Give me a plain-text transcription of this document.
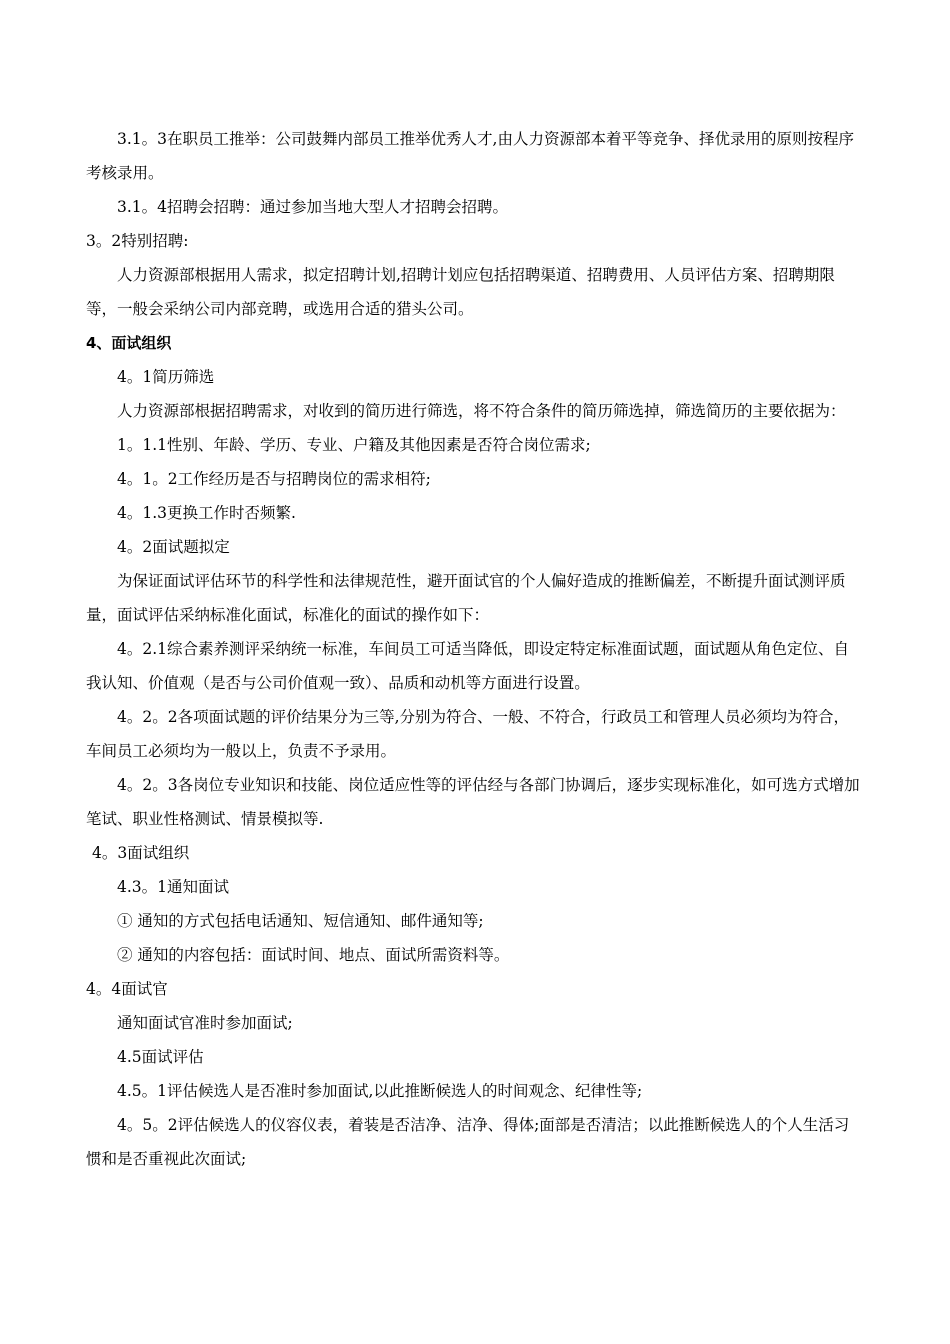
3.1。3在职员工推举：公司鼓舞内部员工推举优秀人才,由人力资源部本着平等竞争、择优录用的原则按程序考核录用。

3.1。4招聘会招聘：通过参加当地大型人才招聘会招聘。

3。2特别招聘:

人力资源部根据用人需求，拟定招聘计划,招聘计划应包括招聘渠道、招聘费用、人员评估方案、招聘期限等，一般会采纳公司内部竞聘，或选用合适的猎头公司。

4、面试组织

4。1简历筛选

人力资源部根据招聘需求，对收到的简历进行筛选，将不符合条件的简历筛选掉，筛选简历的主要依据为：

1。1.1性别、年龄、学历、专业、户籍及其他因素是否符合岗位需求;

4。1。2工作经历是否与招聘岗位的需求相符;

4。1.3更换工作时否频繁.

4。2面试题拟定

为保证面试评估环节的科学性和法律规范性，避开面试官的个人偏好造成的推断偏差，不断提升面试测评质量，面试评估采纳标准化面试，标准化的面试的操作如下：

4。2.1综合素养测评采纳统一标准，车间员工可适当降低，即设定特定标准面试题，面试题从角色定位、自我认知、价值观（是否与公司价值观一致）、品质和动机等方面进行设置。

4。2。2各项面试题的评价结果分为三等,分别为符合、一般、不符合，行政员工和管理人员必须均为符合，车间员工必须均为一般以上，负责不予录用。

4。2。3各岗位专业知识和技能、岗位适应性等的评估经与各部门协调后，逐步实现标准化，如可选方式增加笔试、职业性格测试、情景模拟等.

4。3面试组织

4.3。1通知面试

① 通知的方式包括电话通知、短信通知、邮件通知等;

② 通知的内容包括：面试时间、地点、面试所需资料等。

4。4面试官

通知面试官准时参加面试;

4.5面试评估

4.5。1评估候选人是否准时参加面试,以此推断候选人的时间观念、纪律性等;

4。5。2评估候选人的仪容仪表，着装是否洁净、洁净、得体;面部是否清洁；以此推断候选人的个人生活习惯和是否重视此次面试;
